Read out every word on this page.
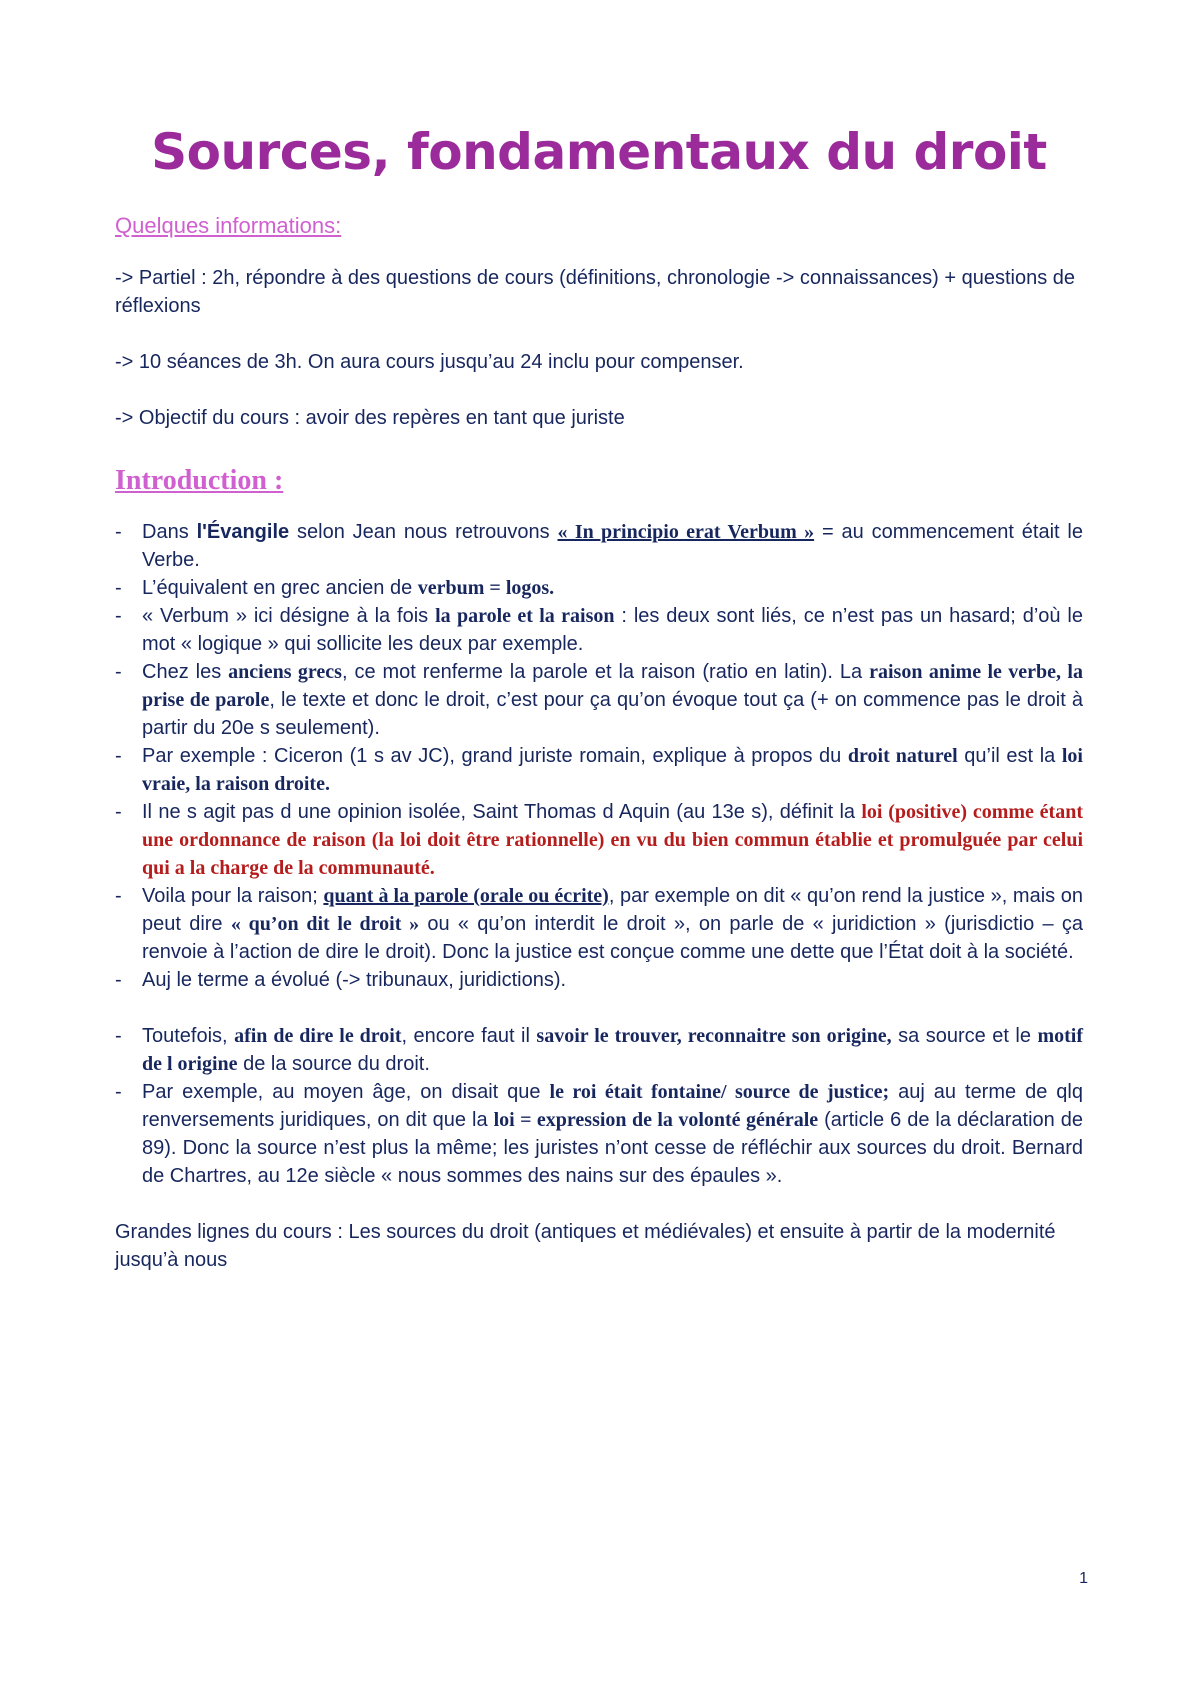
Sources, fondamentaux du droit
Quelques informations:

-> Partiel : 2h, répondre à des questions de cours (définitions, chronologie -> connaissances) + questions de réflexions

-> 10 séances de 3h. On aura cours jusqu’au 24 inclu pour compenser.

-> Objectif du cours : avoir des repères en tant que juriste

Introduction :
- Dans l'Évangile selon Jean nous retrouvons « In principio erat Verbum » = au commencement était le Verbe.
- L’équivalent en grec ancien de verbum = logos.
- « Verbum » ici désigne à la fois la parole et la raison : les deux sont liés, ce n’est pas un hasard; d’où le mot « logique » qui sollicite les deux par exemple.
- Chez les anciens grecs, ce mot renferme la parole et la raison (ratio en latin). La raison anime le verbe, la prise de parole, le texte et donc le droit, c’est pour ça qu’on évoque tout ça (+ on commence pas le droit à partir du 20e s seulement).
- Par exemple : Ciceron (1 s av JC), grand juriste romain, explique à propos du droit naturel qu’il est la loi vraie, la raison droite.
- Il ne s agit pas d une opinion isolée, Saint Thomas d Aquin (au 13e s), définit la loi (positive) comme étant une ordonnance de raison (la loi doit être rationnelle) en vu du bien commun établie et promulguée par celui qui a la charge de la communauté.
- Voila pour la raison; quant à la parole (orale ou écrite), par exemple on dit « qu’on rend la justice », mais on peut dire « qu’on dit le droit » ou « qu’on interdit le droit », on parle de « juridiction » (jurisdictio – ça renvoie à l’action de dire le droit). Donc la justice est conçue comme une dette que l’État doit à la société.
- Auj le terme a évolué (-> tribunaux, juridictions).
- Toutefois, afin de dire le droit, encore faut il savoir le trouver, reconnaitre son origine, sa source et le motif de l origine de la source du droit.
- Par exemple, au moyen âge, on disait que le roi était fontaine/ source de justice; auj au terme de qlq renversements juridiques, on dit que la loi = expression de la volonté générale (article 6 de la déclaration de 89). Donc la source n’est plus la même; les juristes n’ont cesse de réfléchir aux sources du droit. Bernard de Chartres, au 12e siècle « nous sommes des nains sur des épaules ».

Grandes lignes du cours : Les sources du droit (antiques et médiévales) et ensuite à partir de la modernité jusqu’à nous

1
